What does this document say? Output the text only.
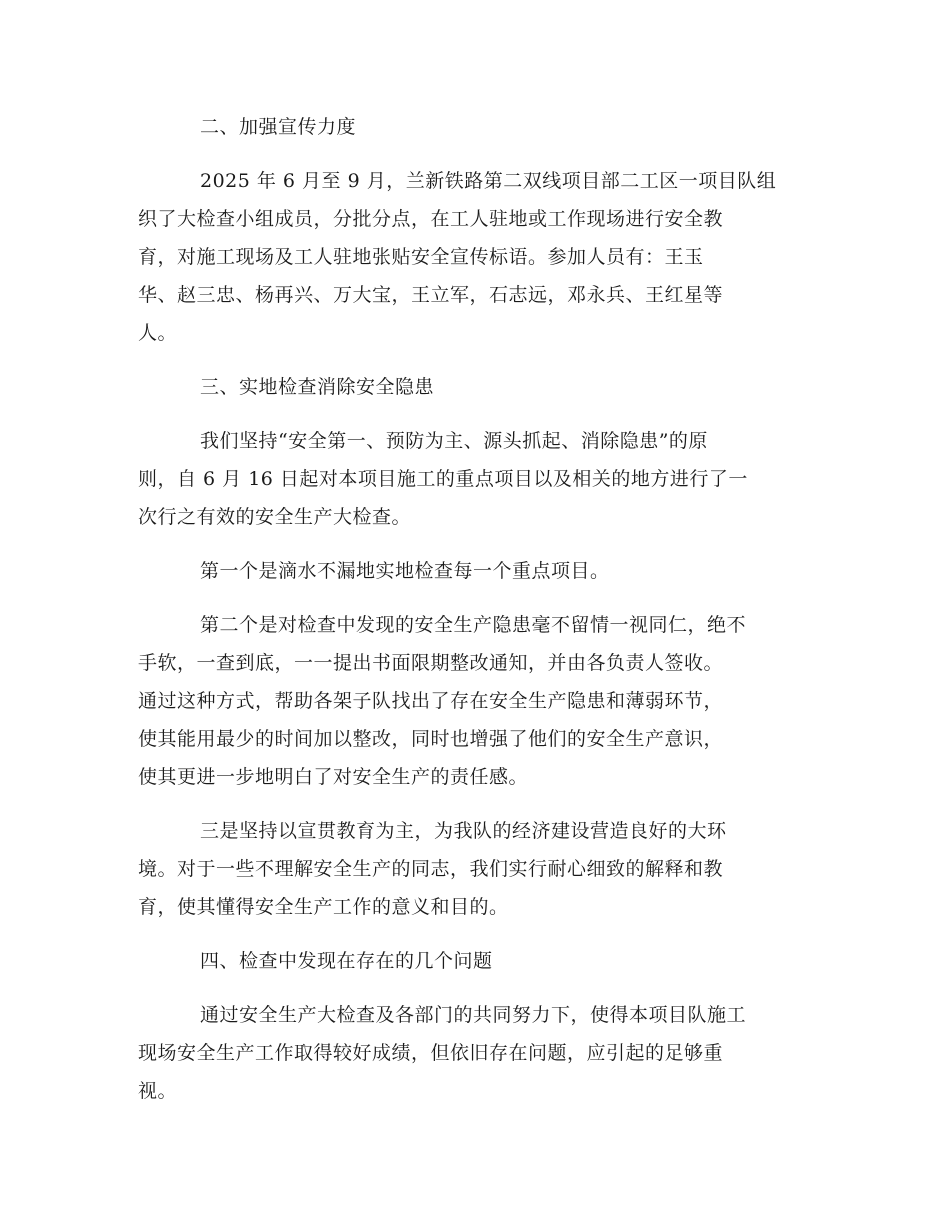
二、加强宣传力度
2025 年 6 月至 9 月，兰新铁路第二双线项目部二工区一项目队组
织了大检查小组成员，分批分点，在工人驻地或工作现场进行安全教
育，对施工现场及工人驻地张贴安全宣传标语。参加人员有：王玉
华、赵三忠、杨再兴、万大宝，王立军，石志远，邓永兵、王红星等
人。
三、实地检查消除安全隐患
我们坚持“安全第一、预防为主、源头抓起、消除隐患”的原
则，自 6 月 16 日起对本项目施工的重点项目以及相关的地方进行了一
次行之有效的安全生产大检查。
第一个是滴水不漏地实地检查每一个重点项目。
第二个是对检查中发现的安全生产隐患毫不留情一视同仁，绝不
手软，一查到底，一一提出书面限期整改通知，并由各负责人签收。
通过这种方式，帮助各架子队找出了存在安全生产隐患和薄弱环节，
使其能用最少的时间加以整改，同时也增强了他们的安全生产意识，
使其更进一步地明白了对安全生产的责任感。
三是坚持以宣贯教育为主，为我队的经济建设营造良好的大环
境。对于一些不理解安全生产的同志，我们实行耐心细致的解释和教
育，使其懂得安全生产工作的意义和目的。
四、检查中发现在存在的几个问题
通过安全生产大检查及各部门的共同努力下，使得本项目队施工
现场安全生产工作取得较好成绩，但依旧存在问题，应引起的足够重
视。
